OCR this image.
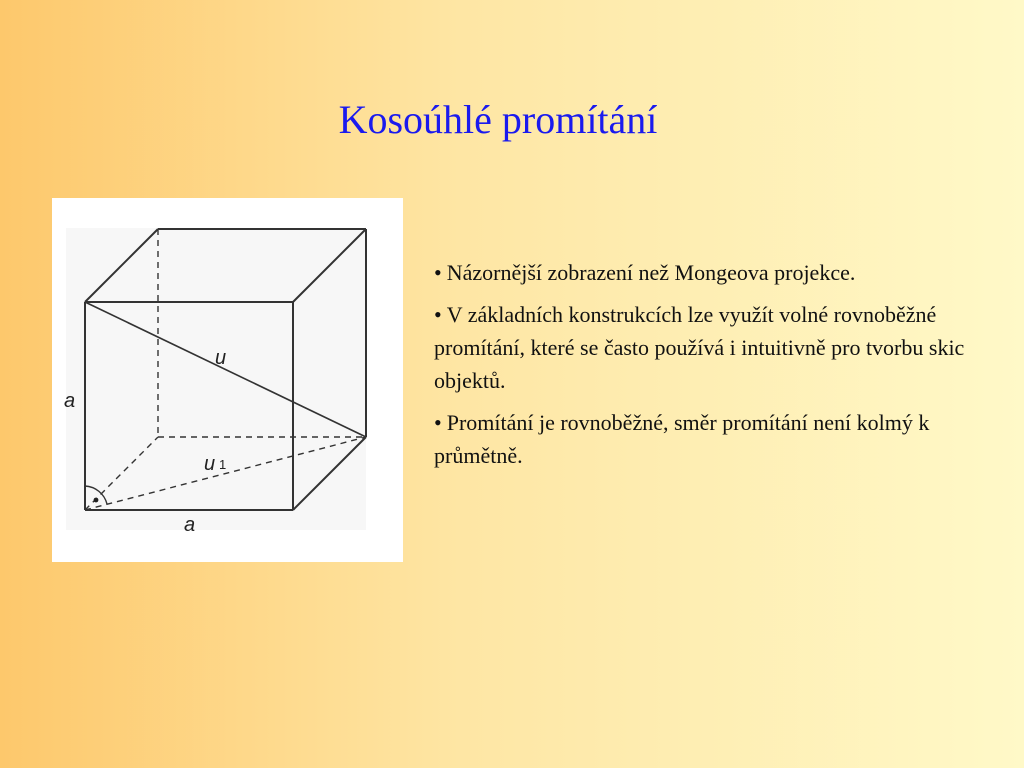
Kosoúhlé promítání
a
a
u
u 1
• Názornější zobrazení než Mongeova projekce.
• V základních konstrukcích lze využít volné rovnoběžné promítání, které se často používá i intuitivně pro tvorbu skic objektů.
• Promítání je rovnoběžné, směr promítání není kolmý k průmětně.
